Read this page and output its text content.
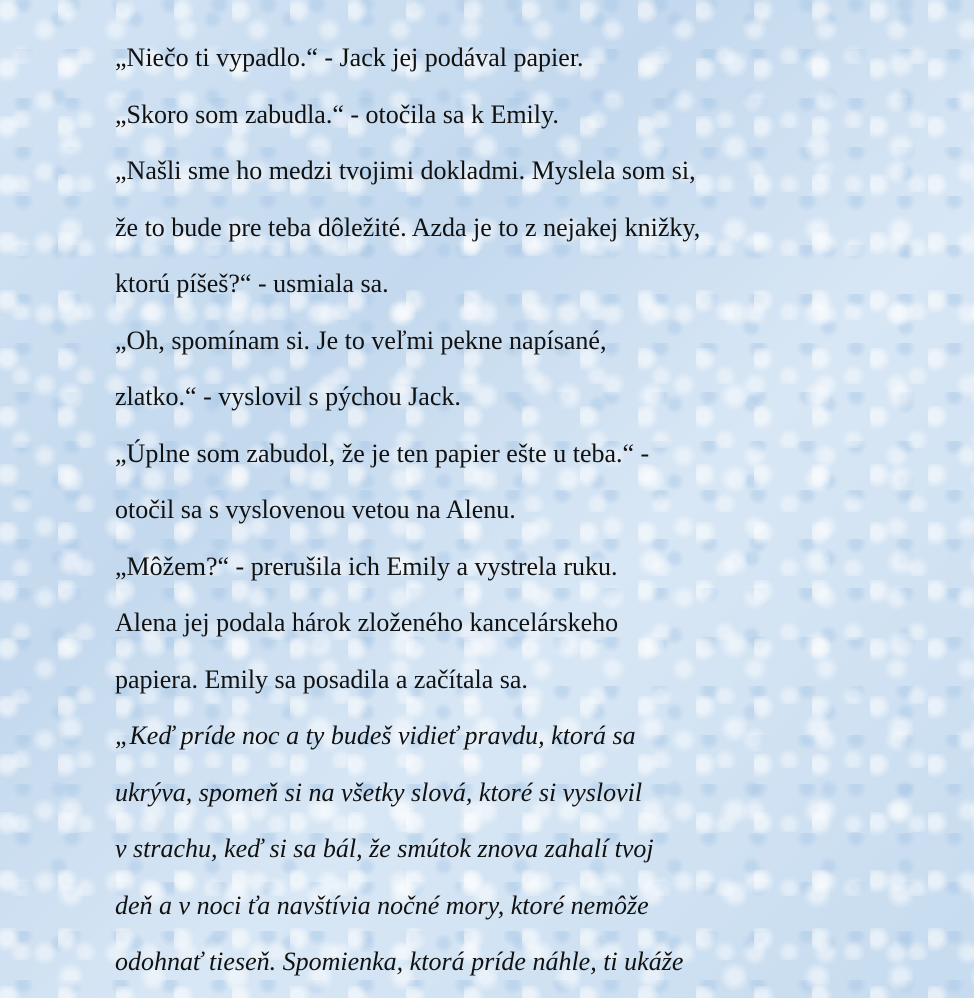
„Niečo ti vypadlo.“ - Jack jej podával papier.
„Skoro som zabudla.“ - otočila sa k Emily.
„Našli sme ho medzi tvojimi dokladmi. Myslela som si,
že to bude pre teba dôležité. Azda je to z nejakej knižky,
ktorú píšeš?“ - usmiala sa.
„Oh, spomínam si. Je to veľmi pekne napísané,
zlatko.“ - vyslovil s pýchou Jack.
„Úplne som zabudol, že je ten papier ešte u teba.“ -
otočil sa s vyslovenou vetou na Alenu.
„Môžem?“ - prerušila ich Emily a vystrela ruku.
Alena jej podala hárok zloženého kancelárskeho
papiera. Emily sa posadila a začítala sa.
„Keď príde noc a ty budeš vidieť pravdu, ktorá sa
ukrýva, spomeň si na všetky slová, ktoré si vyslovil
v strachu, keď si sa bál, že smútok znova zahalí tvoj
deň a v noci ťa navštívia nočné mory, ktoré nemôže
odohnať tieseň. Spomienka, ktorá príde náhle, ti ukáže
